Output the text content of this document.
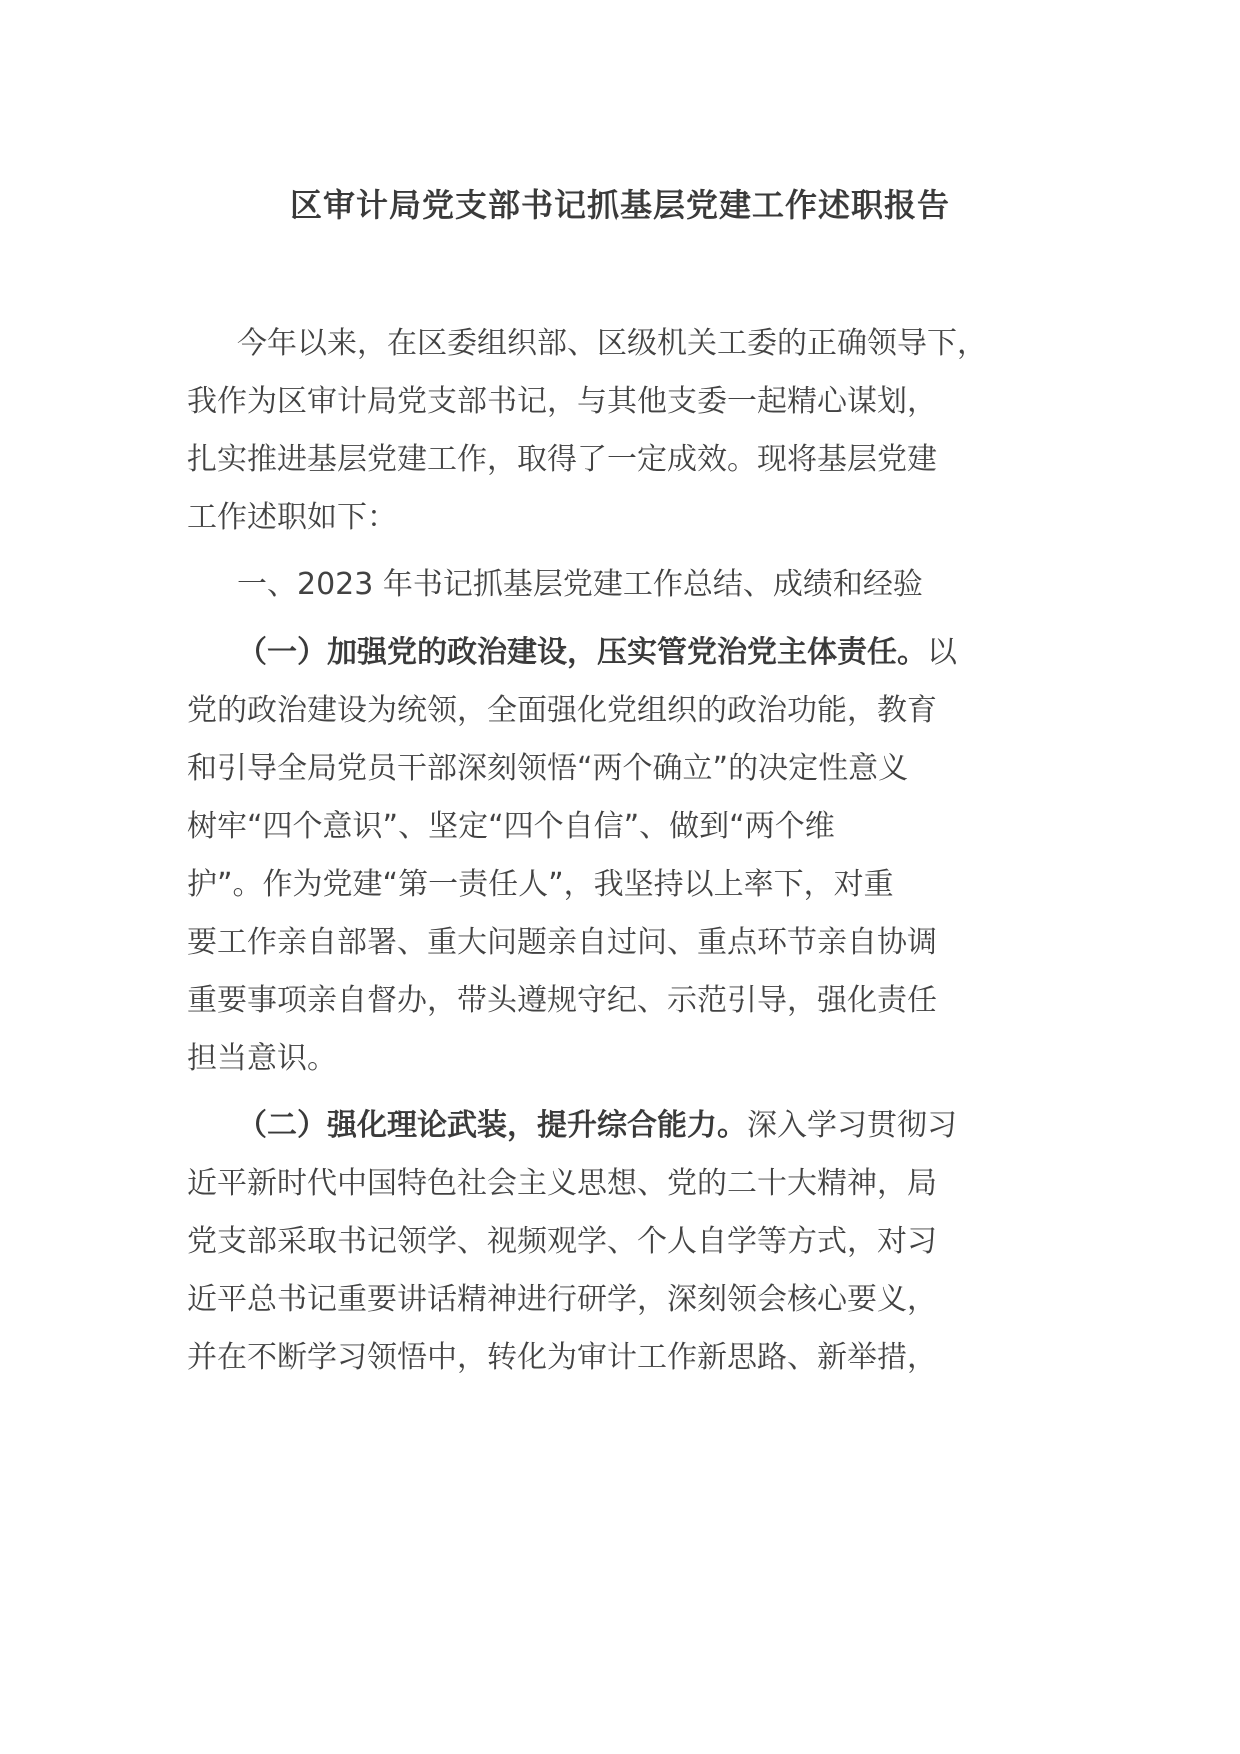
区审计局党支部书记抓基层党建工作述职报告
今年以来，在区委组织部、区级机关工委的正确领导下，
我作为区审计局党支部书记，与其他支委一起精心谋划，
扎实推进基层党建工作，取得了一定成效。现将基层党建
工作述职如下：
一、2023 年书记抓基层党建工作总结、成绩和经验
（一）加强党的政治建设，压实管党治党主体责任。以
党的政治建设为统领，全面强化党组织的政治功能，教育
和引导全局党员干部深刻领悟“两个确立”的决定性意义
树牢“四个意识”、坚定“四个自信”、做到“两个维
护”。作为党建“第一责任人”，我坚持以上率下，对重
要工作亲自部署、重大问题亲自过问、重点环节亲自协调
重要事项亲自督办，带头遵规守纪、示范引导，强化责任
担当意识。
（二）强化理论武装，提升综合能力。深入学习贯彻习
近平新时代中国特色社会主义思想、党的二十大精神，局
党支部采取书记领学、视频观学、个人自学等方式，对习
近平总书记重要讲话精神进行研学，深刻领会核心要义，
并在不断学习领悟中，转化为审计工作新思路、新举措，
